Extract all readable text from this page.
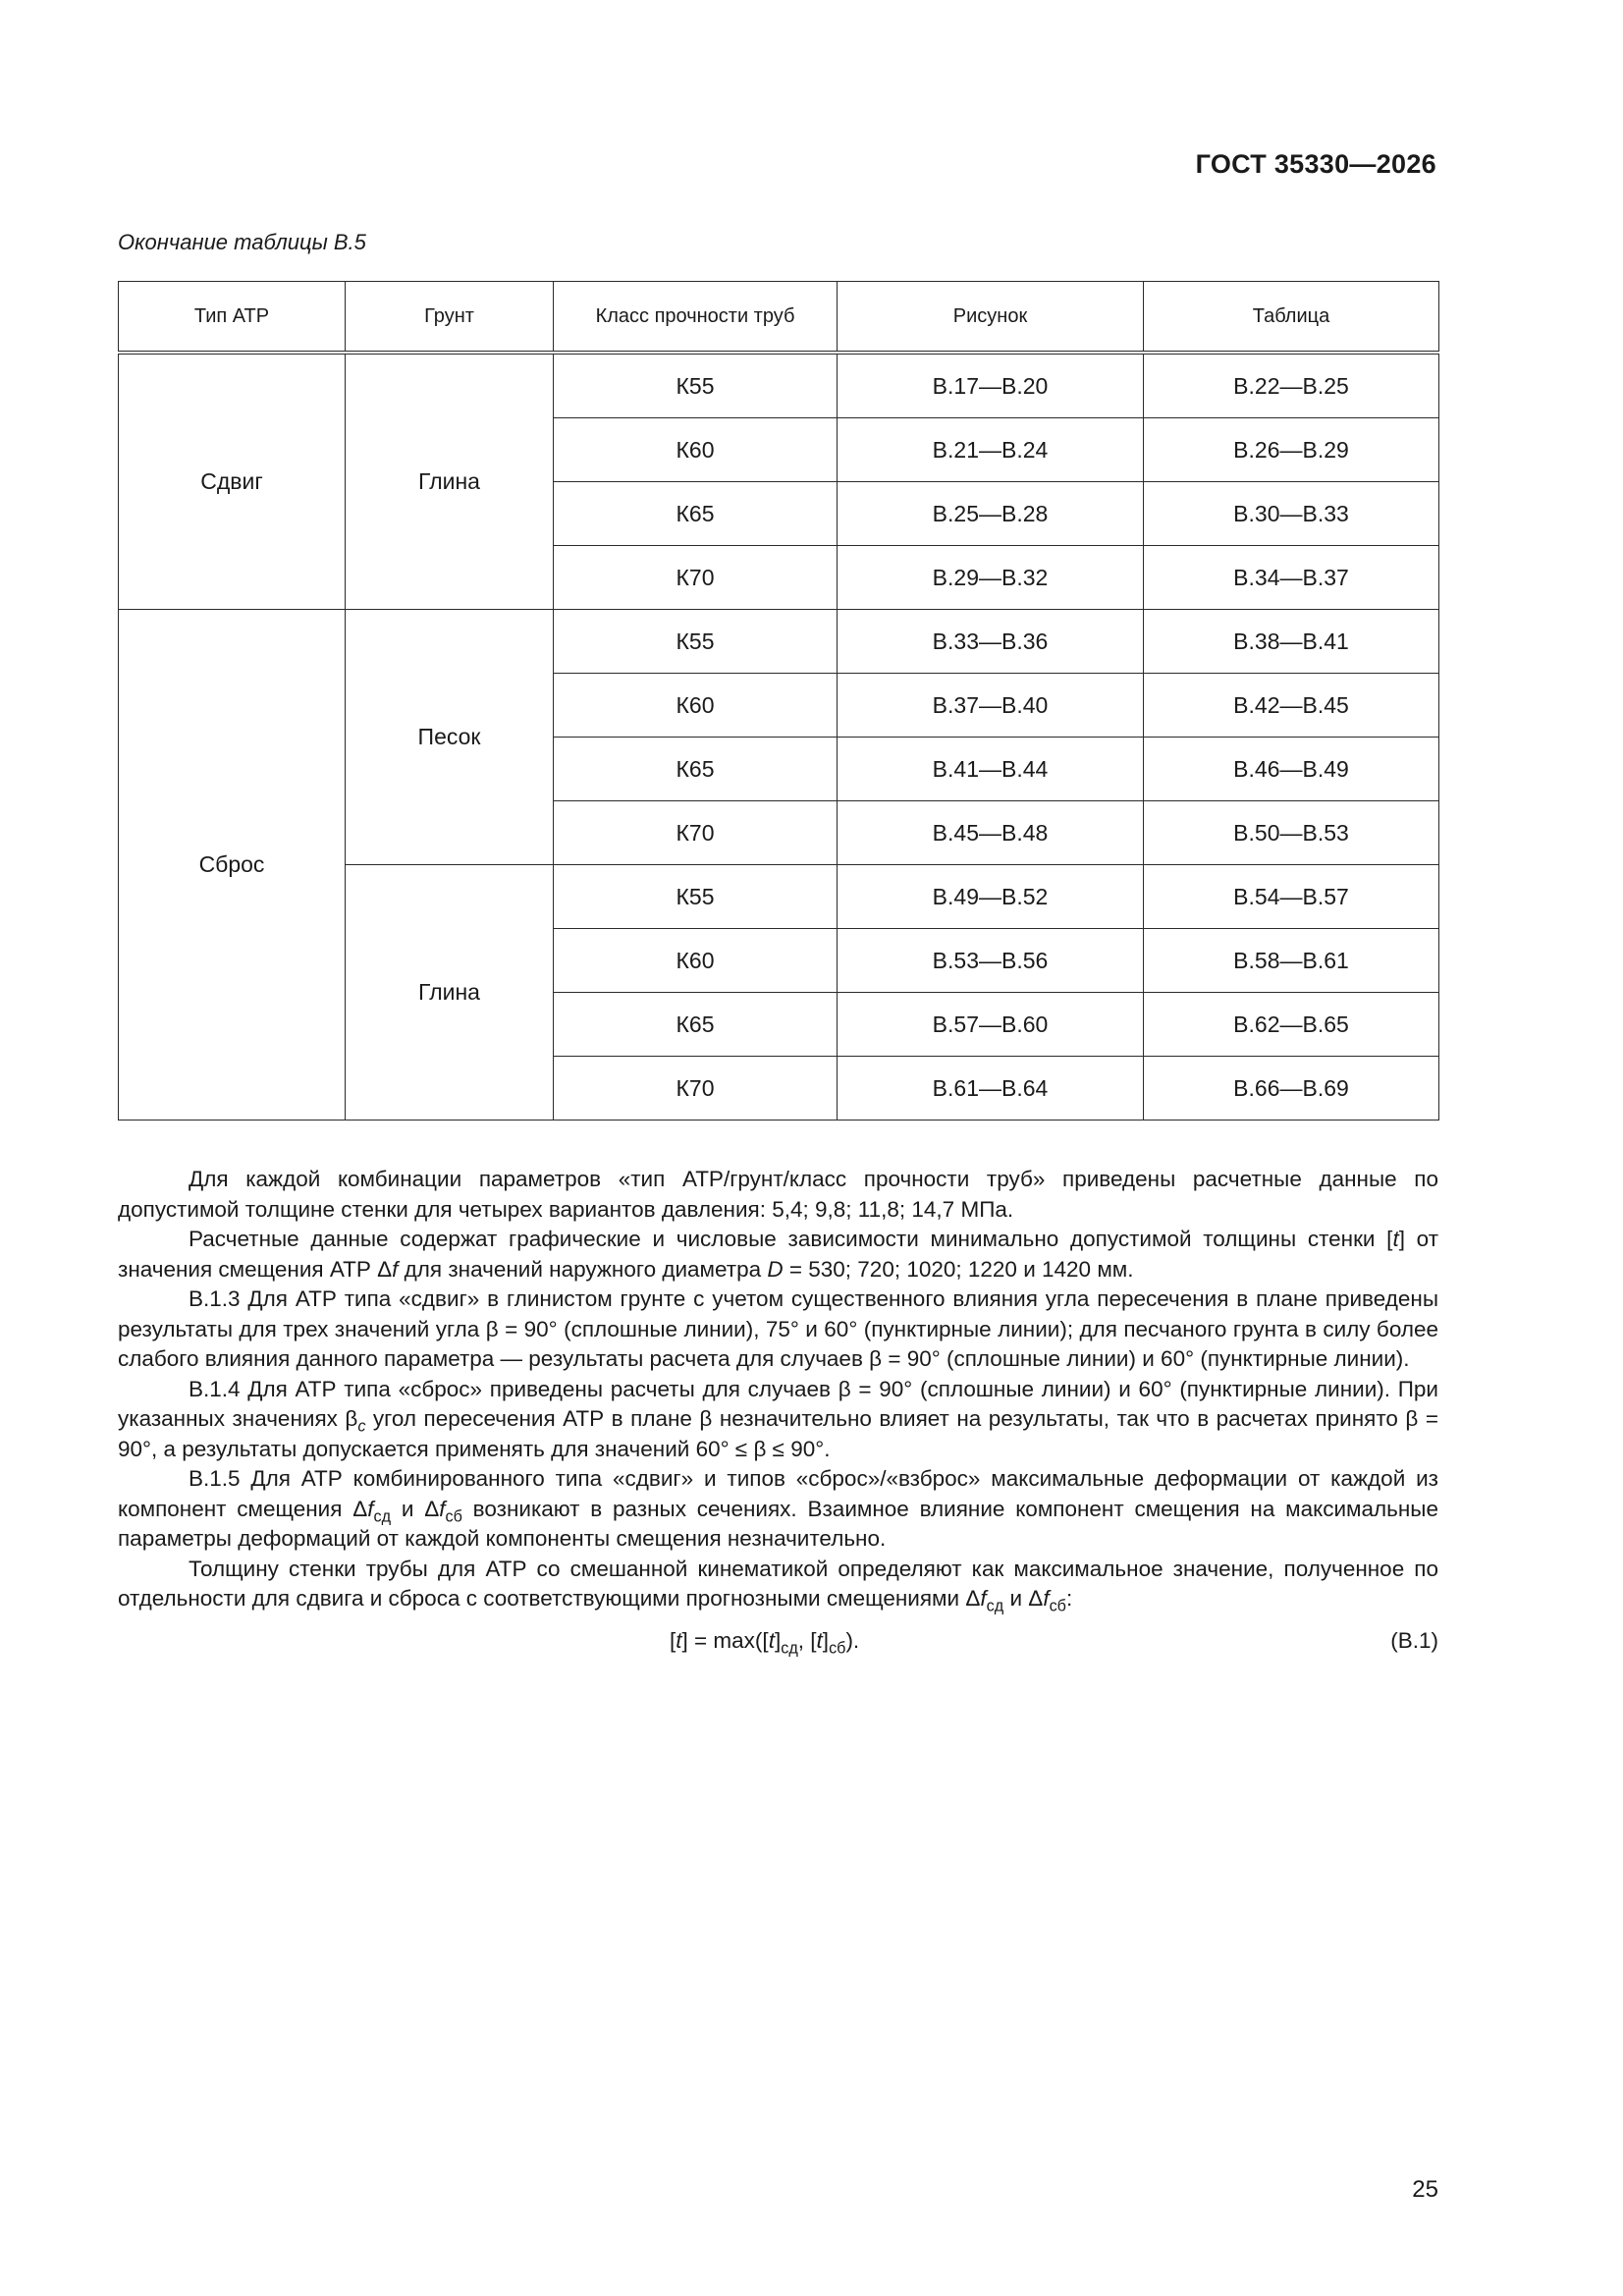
ГОСТ 35330—2026
Окончание таблицы В.5
Тип АТР	Грунт	Класс прочности труб	Рисунок	Таблица
Сдвиг	Глина	К55	В.17—В.20	В.22—В.25
		К60	В.21—В.24	В.26—В.29
		К65	В.25—В.28	В.30—В.33
		К70	В.29—В.32	В.34—В.37
Сброс	Песок	К55	В.33—В.36	В.38—В.41
		К60	В.37—В.40	В.42—В.45
		К65	В.41—В.44	В.46—В.49
		К70	В.45—В.48	В.50—В.53
	Глина	К55	В.49—В.52	В.54—В.57
		К60	В.53—В.56	В.58—В.61
		К65	В.57—В.60	В.62—В.65
		К70	В.61—В.64	В.66—В.69

Для каждой комбинации параметров «тип АТР/грунт/класс прочности труб» приведены расчетные данные по допустимой толщине стенки для четырех вариантов давления: 5,4; 9,8; 11,8; 14,7 МПа.

Расчетные данные содержат графические и числовые зависимости минимально допустимой толщины стенки [t] от значения смещения АТР Δf для значений наружного диаметра D = 530; 720; 1020; 1220 и 1420 мм.

В.1.3 Для АТР типа «сдвиг» в глинистом грунте с учетом существенного влияния угла пересечения в плане приведены результаты для трех значений угла β = 90° (сплошные линии), 75° и 60° (пунктирные линии); для песчаного грунта в силу более слабого влияния данного параметра — результаты расчета для случаев β = 90° (сплошные линии) и 60° (пунктирные линии).

В.1.4 Для АТР типа «сброс» приведены расчеты для случаев β = 90° (сплошные линии) и 60° (пунктирные линии). При указанных значениях $\beta_c$ угол пересечения АТР в плане β незначительно влияет на результаты, так что в расчетах принято β = 90°, а результаты допускается применять для значений 60° ≤ β ≤ 90°.

В.1.5 Для АТР комбинированного типа «сдвиг» и типов «сброс»/«взброс» максимальные деформации от каждой из компонент смещения $\Delta f_{сд}$ и $\Delta f_{сб}$ возникают в разных сечениях. Взаимное влияние компонент смещения на максимальные параметры деформаций от каждой компоненты смещения незначительно.

Толщину стенки трубы для АТР со смешанной кинематикой определяют как максимальное значение, полученное по отдельности для сдвига и сброса с соответствующими прогнозными смещениями $\Delta f_{сд}$ и $\Delta f_{сб}$:

$[t] = \max([t]_{сд}$, $[t]_{сб}$).	(В.1)
25
